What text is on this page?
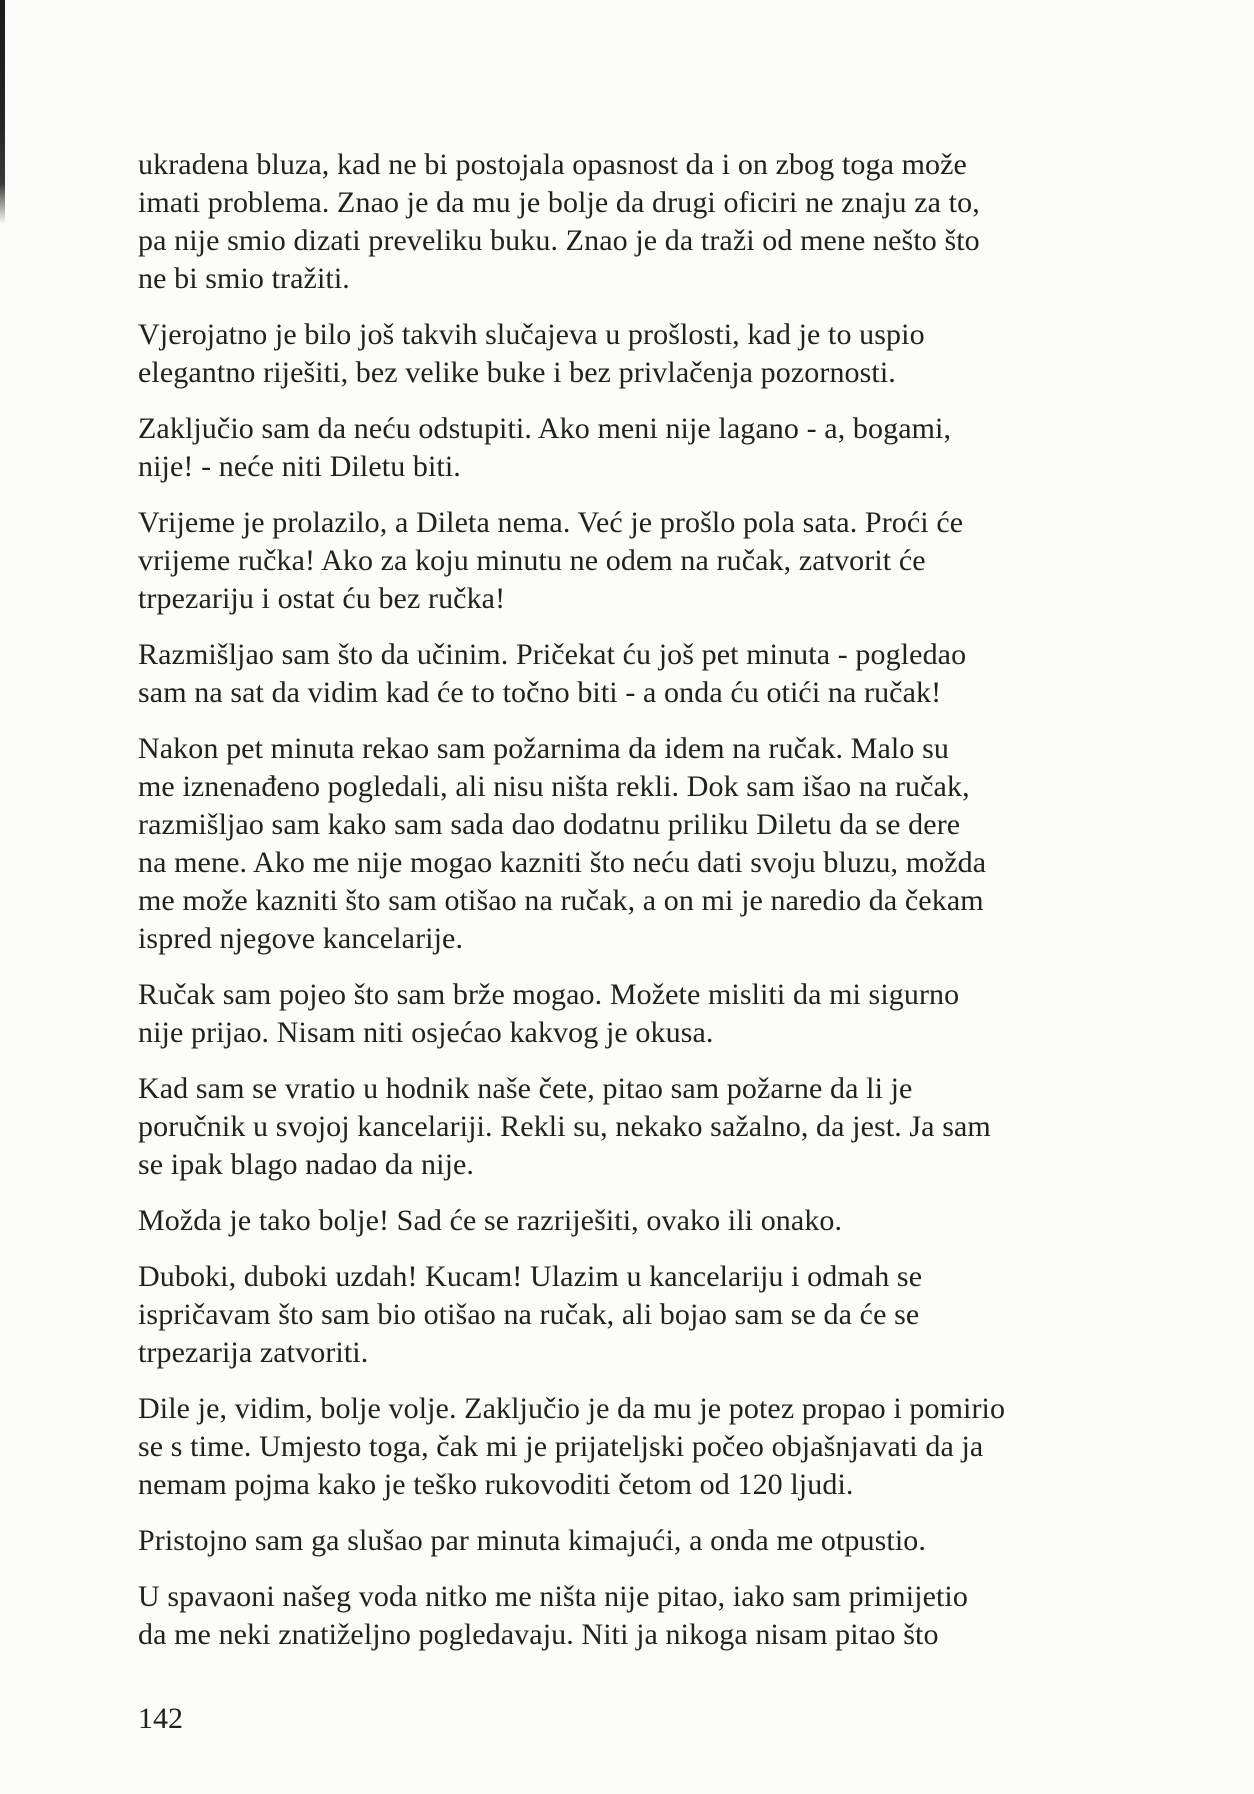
ukradena bluza, kad ne bi postojala opasnost da i on zbog toga može
imati problema. Znao je da mu je bolje da drugi oficiri ne znaju za to,
pa nije smio dizati preveliku buku. Znao je da traži od mene nešto što
ne bi smio tražiti.

Vjerojatno je bilo još takvih slučajeva u prošlosti, kad je to uspio
elegantno riješiti, bez velike buke i bez privlačenja pozornosti.

Zaključio sam da neću odstupiti. Ako meni nije lagano - a, bogami,
nije! - neće niti Diletu biti.

Vrijeme je prolazilo, a Dileta nema. Već je prošlo pola sata. Proći će
vrijeme ručka! Ako za koju minutu ne odem na ručak, zatvorit će
trpezariju i ostat ću bez ručka!

Razmišljao sam što da učinim. Pričekat ću još pet minuta - pogledao
sam na sat da vidim kad će to točno biti - a onda ću otići na ručak!

Nakon pet minuta rekao sam požarnima da idem na ručak. Malo su
me iznenađeno pogledali, ali nisu ništa rekli. Dok sam išao na ručak,
razmišljao sam kako sam sada dao dodatnu priliku Diletu da se dere
na mene. Ako me nije mogao kazniti što neću dati svoju bluzu, možda
me može kazniti što sam otišao na ručak, a on mi je naredio da čekam
ispred njegove kancelarije.

Ručak sam pojeo što sam brže mogao. Možete misliti da mi sigurno
nije prijao. Nisam niti osjećao kakvog je okusa.

Kad sam se vratio u hodnik naše čete, pitao sam požarne da li je
poručnik u svojoj kancelariji. Rekli su, nekako sažalno, da jest. Ja sam
se ipak blago nadao da nije.

Možda je tako bolje! Sad će se razriješiti, ovako ili onako.

Duboki, duboki uzdah! Kucam! Ulazim u kancelariju i odmah se
ispričavam što sam bio otišao na ručak, ali bojao sam se da će se
trpezarija zatvoriti.

Dile je, vidim, bolje volje. Zaključio je da mu je potez propao i pomirio
se s time. Umjesto toga, čak mi je prijateljski počeo objašnjavati da ja
nemam pojma kako je teško rukovoditi četom od 120 ljudi.

Pristojno sam ga slušao par minuta kimajući, a onda me otpustio.

U spavaoni našeg voda nitko me ništa nije pitao, iako sam primijetio
da me neki znatiželjno pogledavaju. Niti ja nikoga nisam pitao što

142
